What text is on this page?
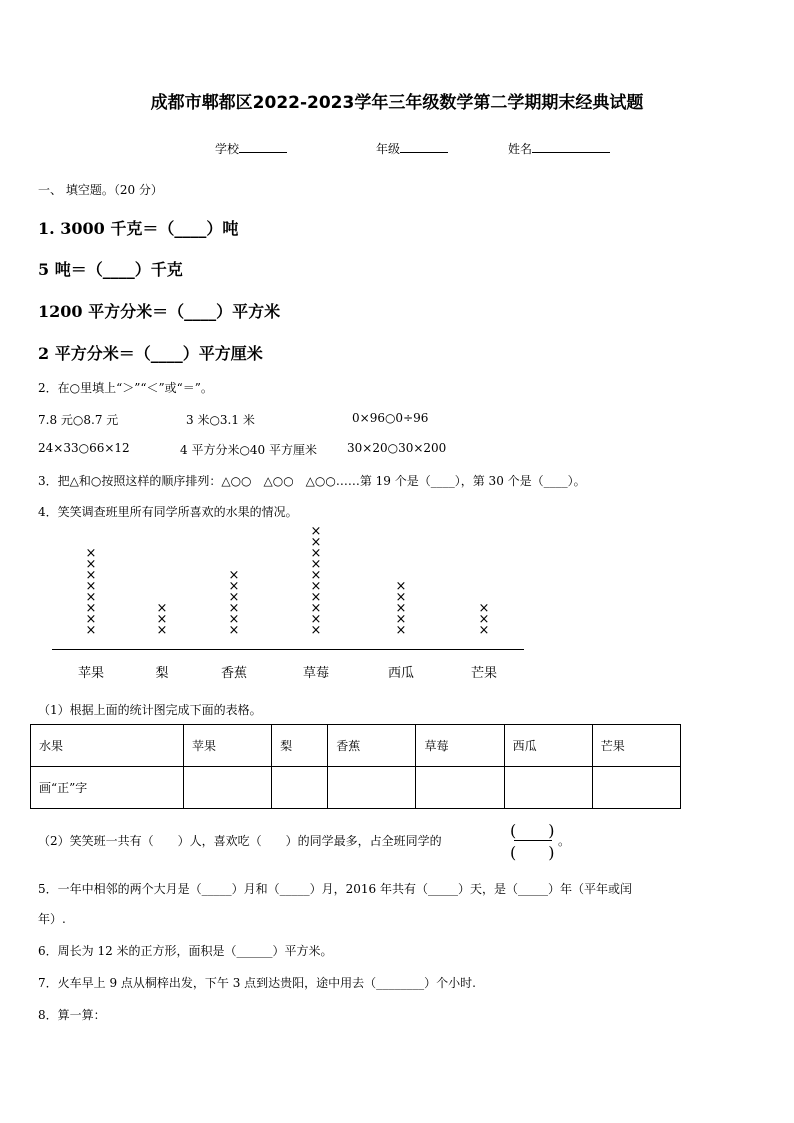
成都市郫都区2022-2023学年三年级数学第二学期期末经典试题
学校	年级	姓名
一、 填空题。（20 分）
1. 3000 千克＝（____）吨
5 吨＝（____）千克
1200 平方分米＝（____）平方米
2 平方分米＝（____）平方厘米
2．在○里填上“＞”“＜”或“＝”。
7.8 元○8.7 元	3 米○3.1 米	0×96○0÷96
24×33○66×12	4 平方分米○40 平方厘米 30×20○30×200
3．把△和○按照这样的顺序排列：△○○　△○○　△○○……第 19 个是（____），第 30 个是（____）。
4．笑笑调查班里所有同学所喜欢的水果的情况。
×
×
×
×
×
×
×
×
苹果
×
×
×
梨
×
×
×
×
×
×
香蕉
×
×
×
×
×
×
×
×
×
×
草莓
×
×
×
×
×
西瓜
×
×
×
芒果
（1）根据上面的统计图完成下面的表格。
水果	苹果	梨	香蕉	草莓	西瓜	芒果
画“正”字						
（2）笑笑班一共有（　　）人，喜欢吃（　　）的同学最多，占全班同学的
(　　)
(　　)
。
5．一年中相邻的两个大月是（_____）月和（_____）月，2016 年共有（_____）天，是（_____）年（平年或闰
年）.
6．周长为 12 米的正方形，面积是（______）平方米。
7．火车早上 9 点从桐梓出发，下午 3 点到达贵阳，途中用去（________）个小时.
8．算一算：
